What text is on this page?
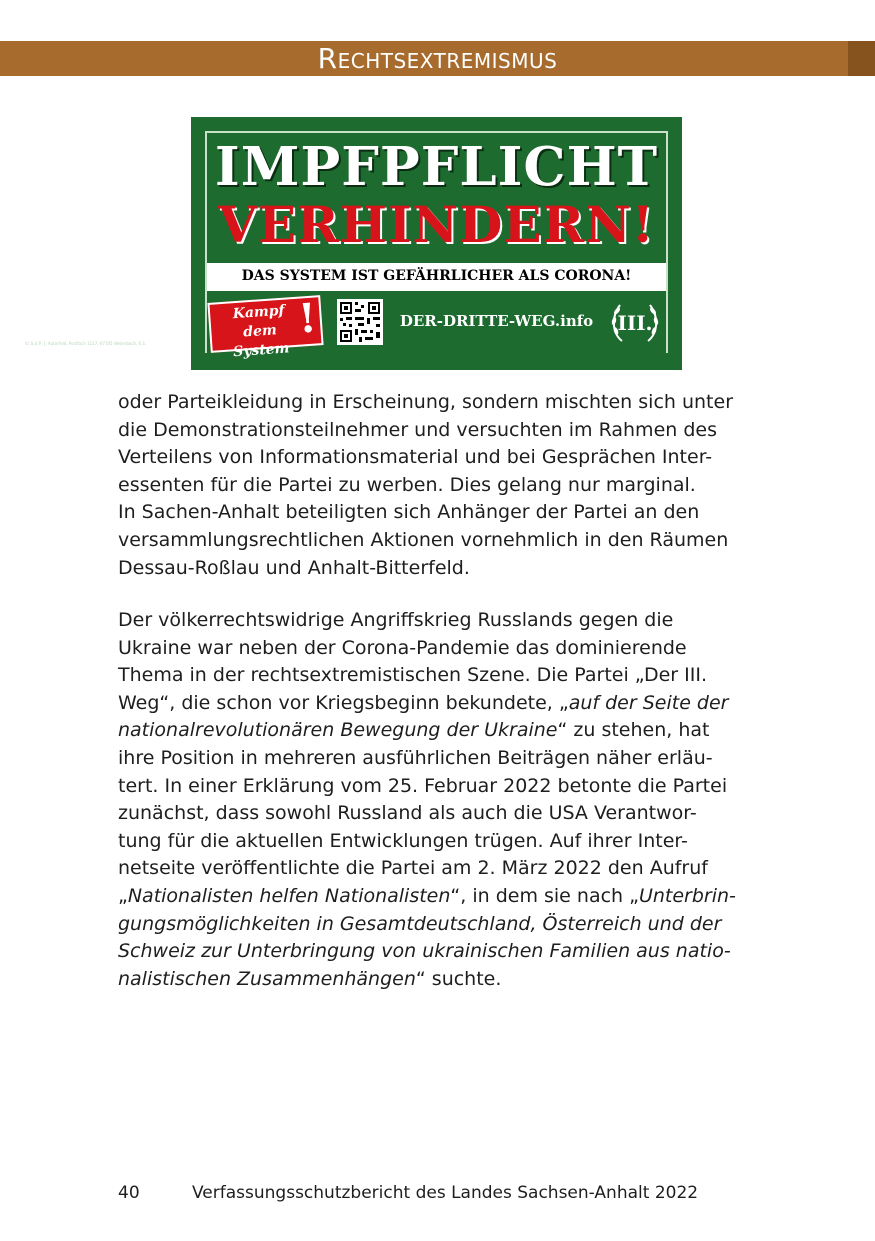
Rechtsextremismus
IMPFPFLICHT
VERHINDERN!
DAS SYSTEM IST GEFÄHRLICHER ALS CORONA!
Kampf dem
System
!	DER-DRITTE-WEG.info	III.
V.i.S.d.P.: J. Autorfeld, Postfach 1117, 67105 Weilerbach, E.S.
oder Parteikleidung in Erscheinung, sondern mischten sich unter
die Demonstrationsteilnehmer und versuchten im Rahmen des
Verteilens von Informationsmaterial und bei Gesprächen Inter-
essenten für die Partei zu werben. Dies gelang nur marginal.
In Sachen-Anhalt beteiligten sich Anhänger der Partei an den
versammlungsrechtlichen Aktionen vornehmlich in den Räumen
Dessau-Roßlau und Anhalt-Bitterfeld.
Der völkerrechtswidrige Angriffskrieg Russlands gegen die
Ukraine war neben der Corona-Pandemie das dominierende
Thema in der rechtsextremistischen Szene. Die Partei „Der III.
Weg“, die schon vor Kriegsbeginn bekundete, „auf der Seite der
nationalrevolutionären Bewegung der Ukraine“ zu stehen, hat
ihre Position in mehreren ausführlichen Beiträgen näher erläu-
tert. In einer Erklärung vom 25. Februar 2022 betonte die Partei
zunächst, dass sowohl Russland als auch die USA Verantwor-
tung für die aktuellen Entwicklungen trügen. Auf ihrer Inter-
netseite veröffentlichte die Partei am 2. März 2022 den Aufruf
„Nationalisten helfen Nationalisten“, in dem sie nach „Unterbrin-
gungsmöglichkeiten in Gesamtdeutschland, Österreich und der
Schweiz zur Unterbringung von ukrainischen Familien aus natio-
nalistischen Zusammenhängen“ suchte.
40	Verfassungsschutzbericht des Landes Sachsen-Anhalt 2022
